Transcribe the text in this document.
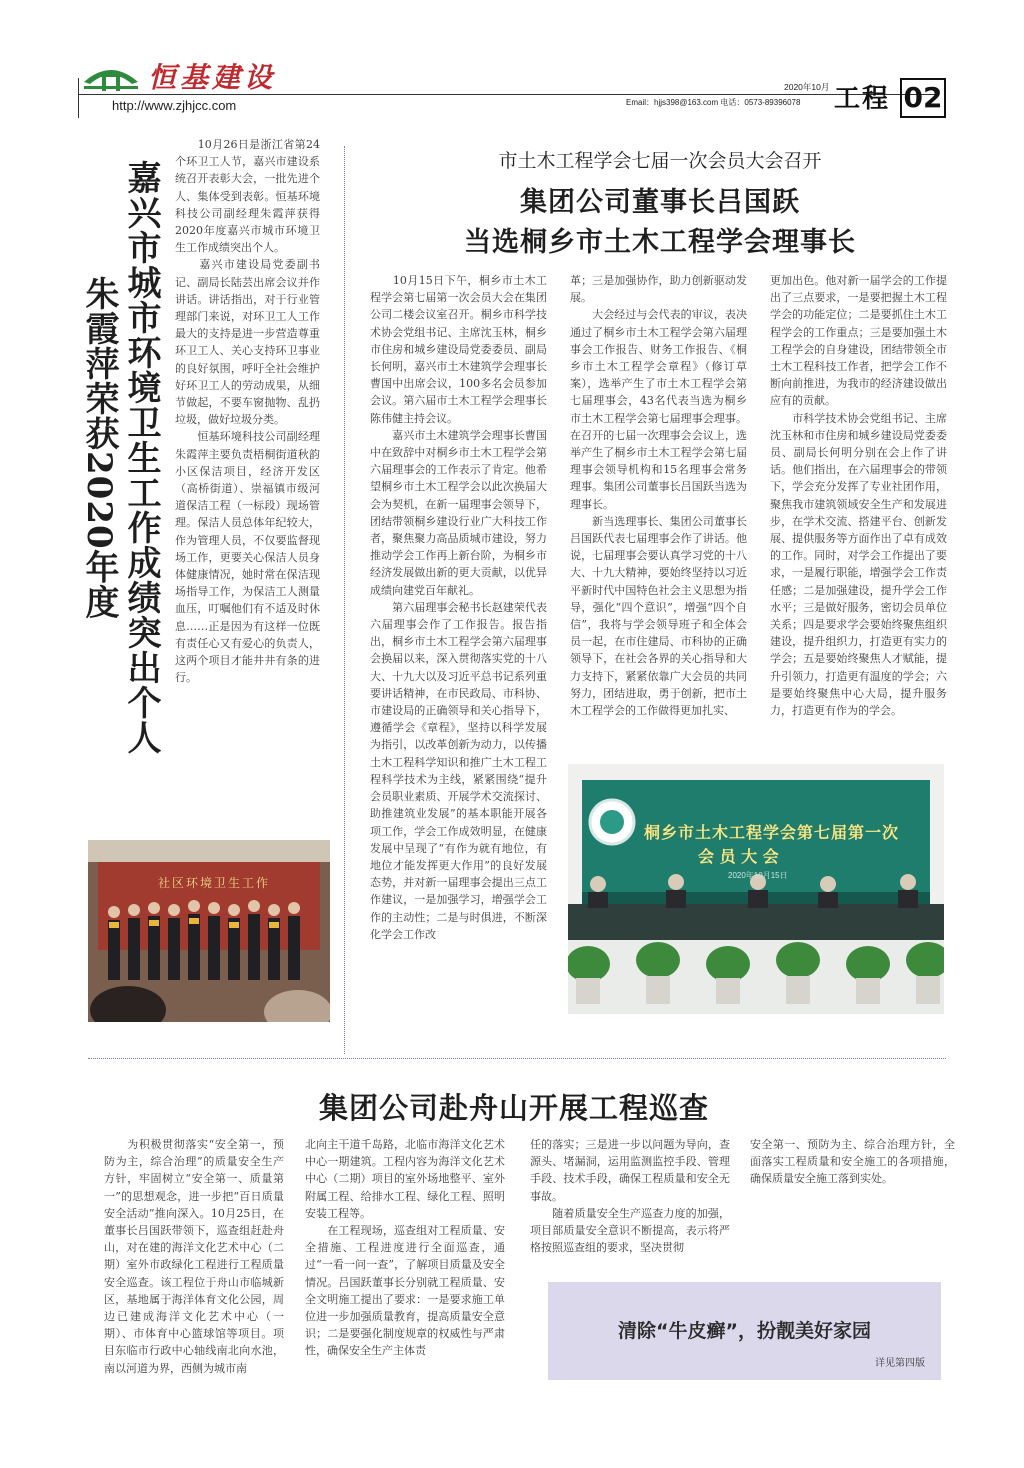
恒基建设
http://www.zjhjcc.com
2020年10月
Email：hjjs398@163.com 电话：0573-89396078 工程 02
嘉兴市城市环境卫生工作成绩突出个人
朱霞萍荣获2020年度
　　10月26日是浙江省第24个环卫工人节，嘉兴市建设系统召开表彰大会，一批先进个人、集体受到表彰。恒基环境科技公司副经理朱霞萍获得2020年度嘉兴市城市环境卫生工作成绩突出个人。
　　嘉兴市建设局党委副书记、副局长陆芸出席会议并作讲话。讲话指出，对于行业管理部门来说，对环卫工人工作最大的支持是进一步营造尊重环卫工人、关心支持环卫事业的良好氛围，呼吁全社会维护好环卫工人的劳动成果，从细节做起，不要车窗抛物、乱扔垃圾，做好垃圾分类。
　　恒基环境科技公司副经理朱霞萍主要负责梧桐街道秋韵小区保洁项目，经济开发区（高桥街道）、崇福镇市级河道保洁工程（一标段）现场管理。保洁人员总体年纪较大，作为管理人员，不仅要监督现场工作，更要关心保洁人员身体健康情况，她时常在保洁现场指导工作，为保洁工人测量血压，叮嘱他们有不适及时休息……正是因为有这样一位既有责任心又有爱心的负责人，这两个项目才能井井有条的进行。
社区环境卫生工作
市土木工程学会七届一次会员大会召开
集团公司董事长吕国跃
当选桐乡市土木工程学会理事长
　　10月15日下午，桐乡市土木工程学会第七届第一次会员大会在集团公司二楼会议室召开。桐乡市科学技术协会党组书记、主席沈玉林，桐乡市住房和城乡建设局党委委员、副局长何明，嘉兴市土木建筑学会理事长曹国中出席会议，100多名会员参加会议。第六届市土木工程学会理事长陈伟健主持会议。
　　嘉兴市土木建筑学会理事长曹国中在致辞中对桐乡市土木工程学会第六届理事会的工作表示了肯定。他希望桐乡市土木工程学会以此次换届大会为契机，在新一届理事会领导下，团结带领桐乡建设行业广大科技工作者，聚焦聚力高品质城市建设，努力推动学会工作再上新台阶，为桐乡市经济发展做出新的更大贡献，以优异成绩向建党百年献礼。
　　第六届理事会秘书长赵建荣代表六届理事会作了工作报告。报告指出，桐乡市土木工程学会第六届理事会换届以来，深入贯彻落实党的十八大、十九大以及习近平总书记系列重要讲话精神，在市民政局、市科协、市建设局的正确领导和关心指导下，遵循学会《章程》，坚持以科学发展为指引，以改革创新为动力，以传播土木工程科学知识和推广土木工程工程科学技术为主线，紧紧围绕“提升会员职业素质、开展学术交流探讨、助推建筑业发展”的基本职能开展各项工作，学会工作成效明显，在健康发展中呈现了“有作为就有地位，有地位才能发挥更大作用”的良好发展态势，并对新一届理事会提出三点工作建议，一是加强学习，增强学会工作的主动性；二是与时俱进，不断深化学会工作改
革；三是加强协作，助力创新驱动发展。
　　大会经过与会代表的审议，表决通过了桐乡市土木工程学会第六届理事会工作报告、财务工作报告、《桐乡市土木工程学会章程》（修订草案），选举产生了市土木工程学会第七届理事会，43名代表当选为桐乡市土木工程学会第七届理事会理事。在召开的七届一次理事会会议上，选举产生了桐乡市土木工程学会第七届理事会领导机构和15名理事会常务理事。集团公司董事长吕国跃当选为理事长。
　　新当选理事长、集团公司董事长吕国跃代表七届理事会作了讲话。他说，七届理事会要认真学习党的十八大、十九大精神，要始终坚持以习近平新时代中国特色社会主义思想为指导，强化“四个意识”，增强“四个自信”，我将与学会领导班子和全体会员一起，在市住建局、市科协的正确领导下，在社会各界的关心指导和大力支持下，紧紧依靠广大会员的共同努力，团结进取，勇于创新，把市土木工程学会的工作做得更加扎实、
更加出色。他对新一届学会的工作提出了三点要求，一是要把握土木工程学会的功能定位；二是要抓住土木工程学会的工作重点；三是要加强土木工程学会的自身建设，团结带领全市土木工程科技工作者，把学会工作不断向前推进，为我市的经济建设做出应有的贡献。
　　市科学技术协会党组书记、主席沈玉林和市住房和城乡建设局党委委员、副局长何明分别在会上作了讲话。他们指出，在六届理事会的带领下，学会充分发挥了专业社团作用，聚焦我市建筑领域安全生产和发展进步，在学术交流、搭建平台、创新发展、提供服务等方面作出了卓有成效的工作。同时，对学会工作提出了要求，一是履行职能，增强学会工作责任感；二是加强建设，提升学会工作水平；三是做好服务，密切会员单位关系；四是要求学会要始终聚焦组织建设，提升组织力，打造更有实力的学会；五是要始终聚焦人才赋能，提升引领力，打造更有温度的学会；六是要始终聚焦中心大局，提升服务力，打造更有作为的学会。
桐乡市土木工程学会第七届第一次
会 员 大 会
2020年10月15日
集团公司赴舟山开展工程巡查
　　为积极贯彻落实“安全第一，预防为主，综合治理”的质量安全生产方针，牢固树立“安全第一、质量第一”的思想观念，进一步把“百日质量安全活动”推向深入。10月25日，在董事长吕国跃带领下，巡查组赶赴舟山，对在建的海洋文化艺术中心（二期）室外市政绿化工程进行工程质量安全巡查。该工程位于舟山市临城新区，基地属于海洋体育文化公园，周边已建成海洋文化艺术中心（一期）、市体育中心篮球馆等项目。项目东临市行政中心轴线南北向水池，南以河道为界，西侧为城市南
北向主干道千岛路，北临市海洋文化艺术中心一期建筑。工程内容为海洋文化艺术中心（二期）项目的室外场地整平、室外附属工程、给排水工程、绿化工程、照明安装工程等。
　　在工程现场，巡查组对工程质量、安全措施、工程进度进行全面巡查，通过“一看一问一查”，了解项目质量及安全情况。吕国跃董事长分别就工程质量、安全文明施工提出了要求：一是要求施工单位进一步加强质量教育，提高质量安全意识；二是要强化制度规章的权威性与严肃性，确保安全生产主体责
任的落实；三是进一步以问题为导向，查源头、堵漏洞，运用监测监控手段、管理手段、技术手段，确保工程质量和安全无事故。
　　随着质量安全生产巡查力度的加强，项目部质量安全意识不断提高，表示将严格按照巡查组的要求，坚决贯彻
安全第一、预防为主、综合治理方针，全面落实工程质量和安全施工的各项措施，确保质量安全施工落到实处。
清除“牛皮癣”，扮靓美好家园
详见第四版
